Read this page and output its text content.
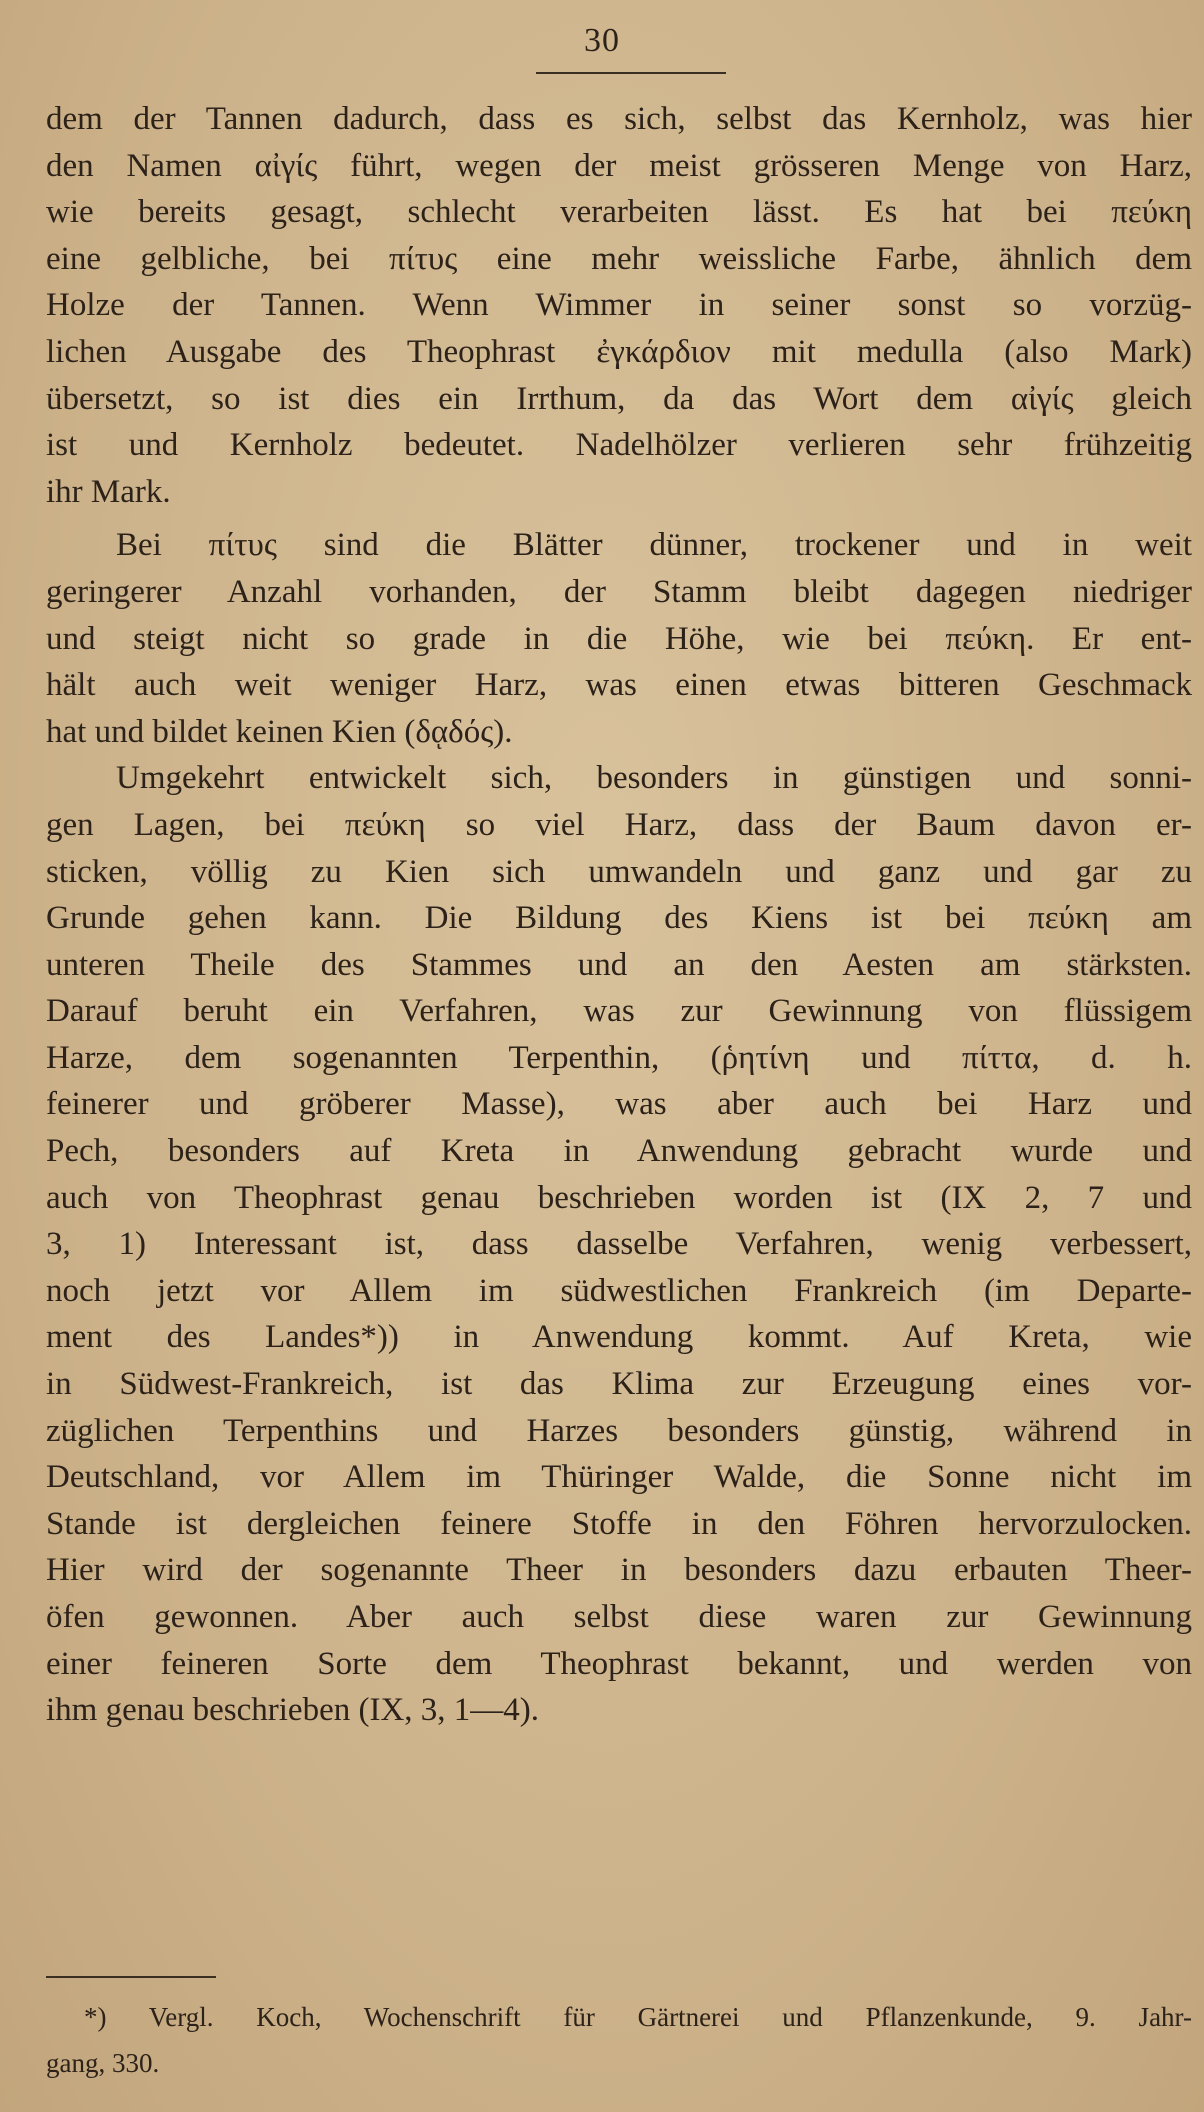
30
dem der Tannen dadurch, dass es sich, selbst das Kernholz, was hier
den Namen αἰγίς führt, wegen der meist grösseren Menge von Harz,
wie bereits gesagt, schlecht verarbeiten lässt. Es hat bei πεύκη
eine gelbliche, bei πίτυς eine mehr weissliche Farbe, ähnlich dem
Holze der Tannen. Wenn Wimmer in seiner sonst so vorzüg-
lichen Ausgabe des Theophrast ἐγκάρδιον mit medulla (also Mark)
übersetzt, so ist dies ein Irrthum, da das Wort dem αἰγίς gleich
ist und Kernholz bedeutet. Nadelhölzer verlieren sehr frühzeitig
ihr Mark.
Bei πίτυς sind die Blätter dünner, trockener und in weit
geringerer Anzahl vorhanden, der Stamm bleibt dagegen niedriger
und steigt nicht so grade in die Höhe, wie bei πεύκη. Er ent-
hält auch weit weniger Harz, was einen etwas bitteren Geschmack
hat und bildet keinen Kien (δᾳδός).
Umgekehrt entwickelt sich, besonders in günstigen und sonni-
gen Lagen, bei πεύκη so viel Harz, dass der Baum davon er-
sticken, völlig zu Kien sich umwandeln und ganz und gar zu
Grunde gehen kann. Die Bildung des Kiens ist bei πεύκη am
unteren Theile des Stammes und an den Aesten am stärksten.
Darauf beruht ein Verfahren, was zur Gewinnung von flüssigem
Harze, dem sogenannten Terpenthin, (ῥητίνη und πίττα, d. h.
feinerer und gröberer Masse), was aber auch bei Harz und
Pech, besonders auf Kreta in Anwendung gebracht wurde und
auch von Theophrast genau beschrieben worden ist (IX 2, 7 und
3, 1) Interessant ist, dass dasselbe Verfahren, wenig verbessert,
noch jetzt vor Allem im südwestlichen Frankreich (im Departe-
ment des Landes*)) in Anwendung kommt. Auf Kreta, wie
in Südwest-Frankreich, ist das Klima zur Erzeugung eines vor-
züglichen Terpenthins und Harzes besonders günstig, während in
Deutschland, vor Allem im Thüringer Walde, die Sonne nicht im
Stande ist dergleichen feinere Stoffe in den Föhren hervorzulocken.
Hier wird der sogenannte Theer in besonders dazu erbauten Theer-
öfen gewonnen. Aber auch selbst diese waren zur Gewinnung
einer feineren Sorte dem Theophrast bekannt, und werden von
ihm genau beschrieben (IX, 3, 1—4).
*) Vergl. Koch, Wochenschrift für Gärtnerei und Pflanzenkunde, 9. Jahr-
gang, 330.
